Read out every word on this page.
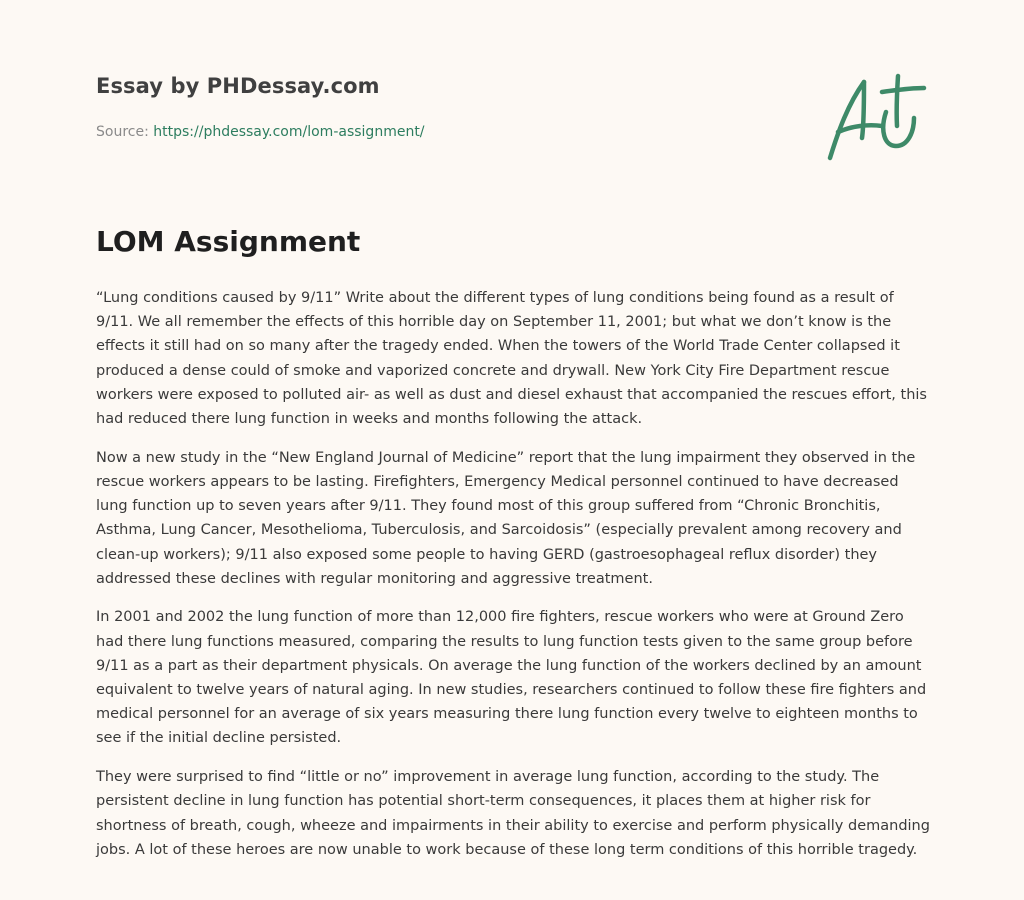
Essay by PHDessay.com
Source: https://phdessay.com/lom-assignment/
LOM Assignment

“Lung conditions caused by 9/11” Write about the different types of lung conditions being found as a result of 9/11. We all remember the effects of this horrible day on September 11, 2001; but what we don’t know is the effects it still had on so many after the tragedy ended. When the towers of the World Trade Center collapsed it produced a dense could of smoke and vaporized concrete and drywall. New York City Fire Department rescue workers were exposed to polluted air- as well as dust and diesel exhaust that accompanied the rescues effort, this had reduced there lung function in weeks and months following the attack.

Now a new study in the “New England Journal of Medicine” report that the lung impairment they observed in the rescue workers appears to be lasting. Firefighters, Emergency Medical personnel continued to have decreased lung function up to seven years after 9/11. They found most of this group suffered from “Chronic Bronchitis, Asthma, Lung Cancer, Mesothelioma, Tuberculosis, and Sarcoidosis” (especially prevalent among recovery and clean-up workers); 9/11 also exposed some people to having GERD (gastroesophageal reflux disorder) they addressed these declines with regular monitoring and aggressive treatment.

In 2001 and 2002 the lung function of more than 12,000 fire fighters, rescue workers who were at Ground Zero had there lung functions measured, comparing the results to lung function tests given to the same group before 9/11 as a part as their department physicals. On average the lung function of the workers declined by an amount equivalent to twelve years of natural aging. In new studies, researchers continued to follow these fire fighters and medical personnel for an average of six years measuring there lung function every twelve to eighteen months to see if the initial decline persisted.

They were surprised to find “little or no” improvement in average lung function, according to the study. The persistent decline in lung function has potential short-term consequences, it places them at higher risk for shortness of breath, cough, wheeze and impairments in their ability to exercise and perform physically demanding jobs. A lot of these heroes are now unable to work because of these long term conditions of this horrible tragedy.
